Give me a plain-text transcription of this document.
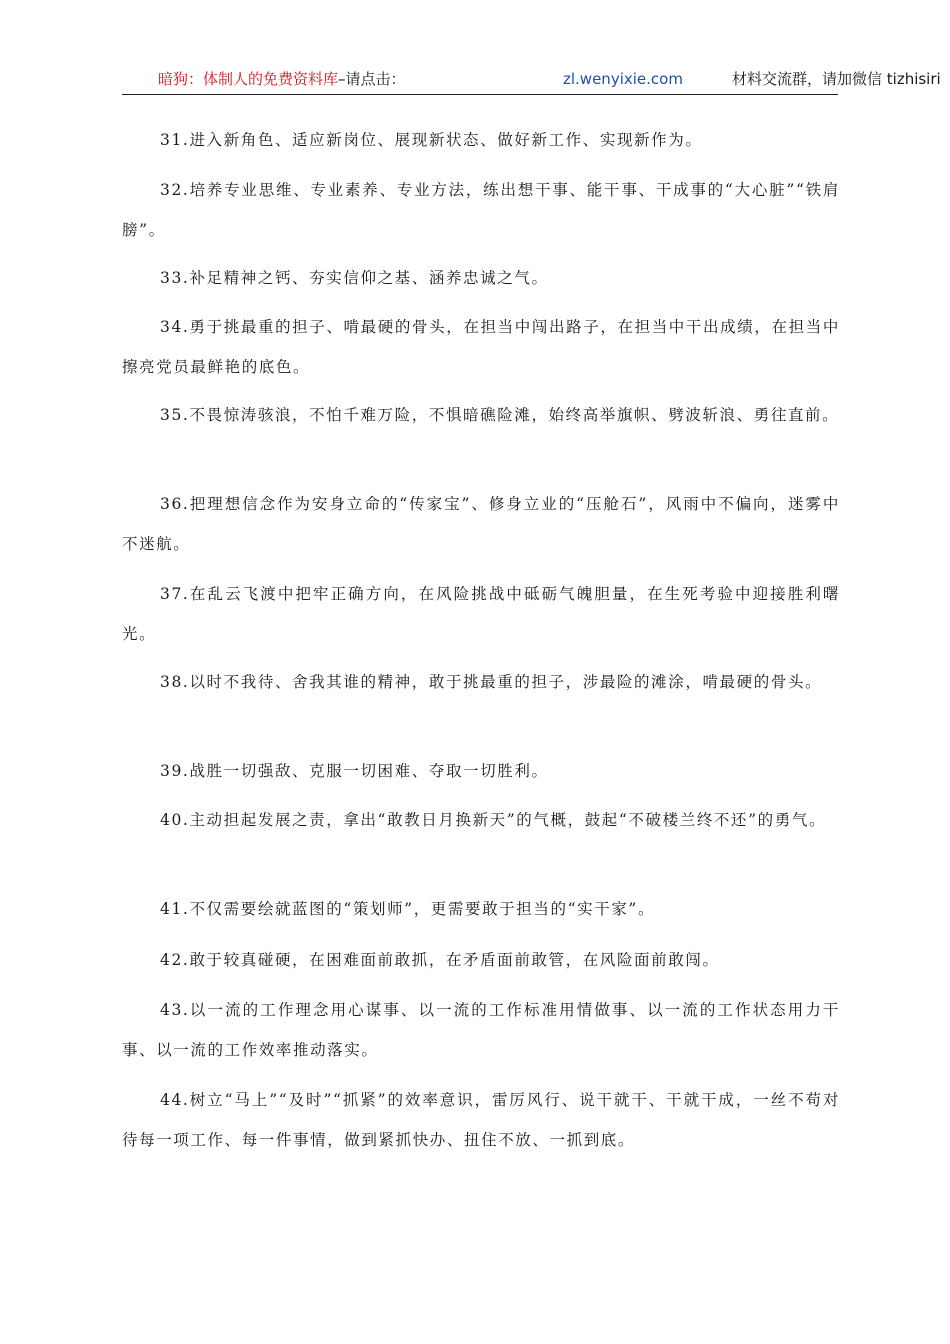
暗狗：体制人的免费资料库–请点击：	zl.wenyixie.com	材料交流群，请加微信 tizhisiri

31.进入新角色、适应新岗位、展现新状态、做好新工作、实现新作为。

32.培养专业思维、专业素养、专业方法，练出想干事、能干事、干成事的“大心脏”“铁肩膀”。

33.补足精神之钙、夯实信仰之基、涵养忠诚之气。

34.勇于挑最重的担子、啃最硬的骨头，在担当中闯出路子，在担当中干出成绩，在担当中擦亮党员最鲜艳的底色。

35.不畏惊涛骇浪，不怕千难万险，不惧暗礁险滩，始终高举旗帜、劈波斩浪、勇往直前。

36.把理想信念作为安身立命的“传家宝”、修身立业的“压舱石”，风雨中不偏向，迷雾中不迷航。

37.在乱云飞渡中把牢正确方向，在风险挑战中砥砺气魄胆量，在生死考验中迎接胜利曙光。

38.以时不我待、舍我其谁的精神，敢于挑最重的担子，涉最险的滩涂，啃最硬的骨头。

39.战胜一切强敌、克服一切困难、夺取一切胜利。

40.主动担起发展之责，拿出“敢教日月换新天”的气概，鼓起“不破楼兰终不还”的勇气。

41.不仅需要绘就蓝图的“策划师”，更需要敢于担当的“实干家”。

42.敢于较真碰硬，在困难面前敢抓，在矛盾面前敢管，在风险面前敢闯。

43.以一流的工作理念用心谋事、以一流的工作标准用情做事、以一流的工作状态用力干事、以一流的工作效率推动落实。

44.树立“马上”“及时”“抓紧”的效率意识，雷厉风行、说干就干、干就干成，一丝不苟对待每一项工作、每一件事情，做到紧抓快办、扭住不放、一抓到底。
